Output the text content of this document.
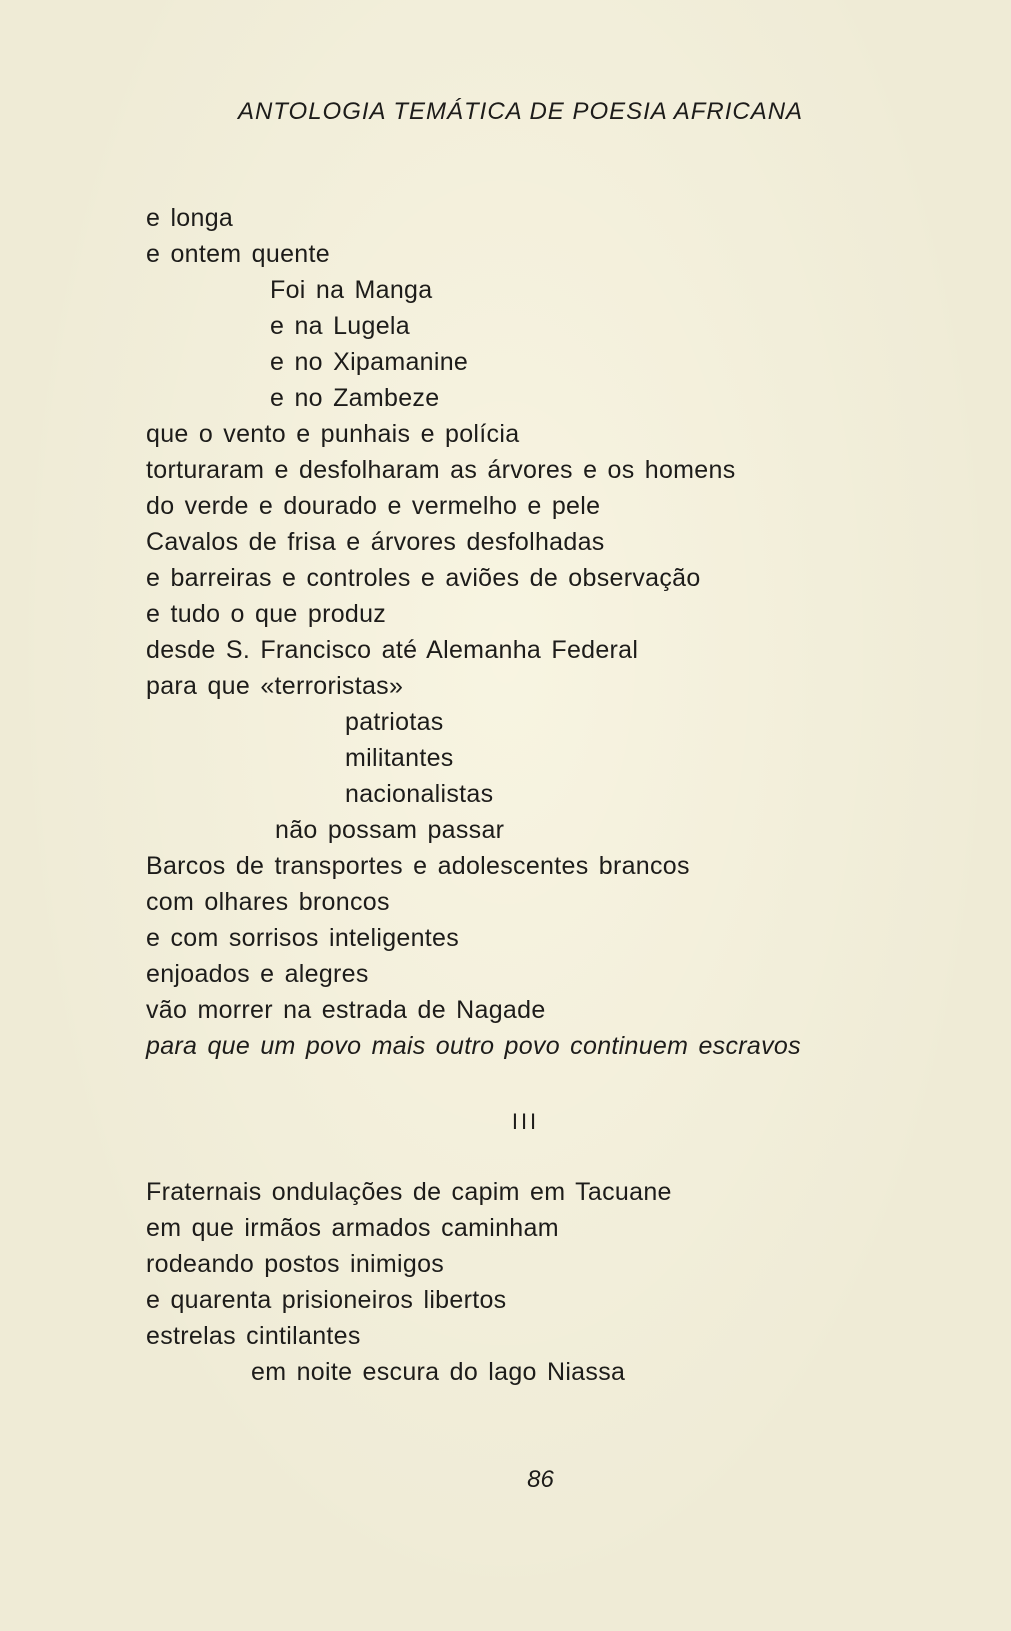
ANTOLOGIA TEMÁTICA DE POESIA AFRICANA
e longa
e ontem quente
Foi na Manga
e na Lugela
e no Xipamanine
e no Zambeze
que o vento e punhais e polícia
torturaram e desfolharam as árvores e os homens
do verde e dourado e vermelho e pele
Cavalos de frisa e árvores desfolhadas
e barreiras e controles e aviões de observação
e tudo o que produz
desde S. Francisco até Alemanha Federal
para que «terroristas»
patriotas
militantes
nacionalistas
não possam passar
Barcos de transportes e adolescentes brancos
com olhares broncos
e com sorrisos inteligentes
enjoados e alegres
vão morrer na estrada de Nagade
para que um povo mais outro povo continuem escravos
III
Fraternais ondulações de capim em Tacuane
em que irmãos armados caminham
rodeando postos inimigos
e quarenta prisioneiros libertos
estrelas cintilantes
em noite escura do lago Niassa
86
